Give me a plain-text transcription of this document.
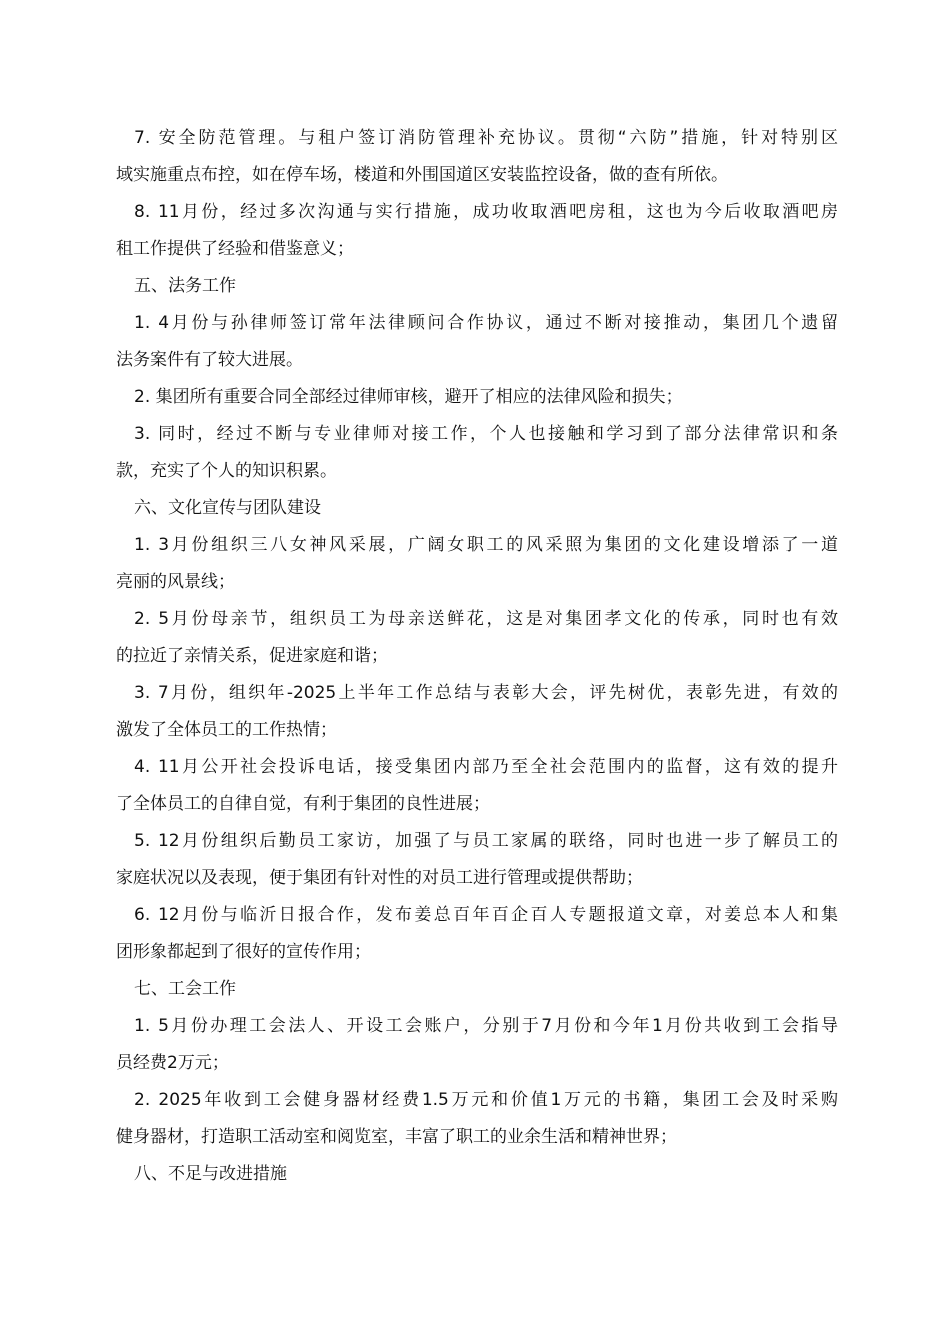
7. 安全防范管理。与租户签订消防管理补充协议。贯彻“六防”措施，针对特别区
域实施重点布控，如在停车场，楼道和外围国道区安装监控设备，做的查有所依。
8. 11月份，经过多次沟通与实行措施，成功收取酒吧房租，这也为今后收取酒吧房
租工作提供了经验和借鉴意义；
五、法务工作
1. 4月份与孙律师签订常年法律顾问合作协议，通过不断对接推动，集团几个遗留
法务案件有了较大进展。
2. 集团所有重要合同全部经过律师审核，避开了相应的法律风险和损失；
3. 同时，经过不断与专业律师对接工作，个人也接触和学习到了部分法律常识和条
款，充实了个人的知识积累。
六、文化宣传与团队建设
1. 3月份组织三八女神风采展，广阔女职工的风采照为集团的文化建设增添了一道
亮丽的风景线；
2. 5月份母亲节，组织员工为母亲送鲜花，这是对集团孝文化的传承，同时也有效
的拉近了亲情关系，促进家庭和谐；
3. 7月份，组织年-2025上半年工作总结与表彰大会，评先树优，表彰先进，有效的
激发了全体员工的工作热情；
4. 11月公开社会投诉电话，接受集团内部乃至全社会范围内的监督，这有效的提升
了全体员工的自律自觉，有利于集团的良性进展；
5. 12月份组织后勤员工家访，加强了与员工家属的联络，同时也进一步了解员工的
家庭状况以及表现，便于集团有针对性的对员工进行管理或提供帮助；
6. 12月份与临沂日报合作，发布姜总百年百企百人专题报道文章，对姜总本人和集
团形象都起到了很好的宣传作用；
七、工会工作
1. 5月份办理工会法人、开设工会账户，分别于7月份和今年1月份共收到工会指导
员经费2万元；
2. 2025年收到工会健身器材经费1.5万元和价值1万元的书籍，集团工会及时采购
健身器材，打造职工活动室和阅览室，丰富了职工的业余生活和精神世界；
八、不足与改进措施
